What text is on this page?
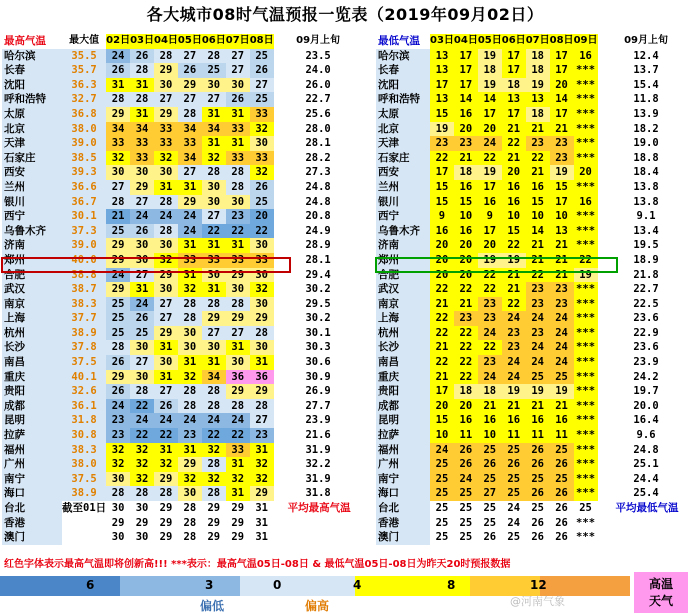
各大城市08时气温预报一览表（2019年09月02日）
最高气温	最大值	02日	03日	04日	05日	06日	07日	08日		09月上旬
哈尔滨	35.5	24	26	28	27	28	27	25		23.5
长春	35.7	26	28	29	26	25	27	26		24.0
沈阳	36.3	31	31	30	29	30	30	27		26.0
呼和浩特	32.7	28	28	27	27	27	26	25		22.7
太原	36.8	29	31	29	28	31	31	33		25.6
北京	38.0	34	34	33	34	34	33	32		28.0
天津	39.0	33	33	33	33	31	31	30		28.1
石家庄	38.5	32	33	32	34	32	33	33		28.2
西安	39.3	30	30	30	27	28	28	32		27.3
兰州	36.6	27	29	31	31	30	28	26		24.8
银川	36.7	28	27	28	29	30	30	25		24.8
西宁	30.1	21	24	24	24	27	23	20		20.8
乌鲁木齐	37.3	25	26	28	24	22	22	22		24.9
济南	39.0	29	30	30	31	31	31	30		28.9
郑州	40.0	29	30	32	33	33	33	33		28.1
合肥	38.8	24	27	29	31	30	29	30		29.4
武汉	38.7	29	31	30	32	31	30	32		30.2
南京	38.3	25	24	27	28	28	28	30		29.5
上海	37.7	25	26	27	28	29	29	29		30.2
杭州	38.9	25	25	29	30	27	27	28		30.1
长沙	37.8	28	30	31	30	30	31	30		30.3
南昌	37.5	26	27	30	31	31	30	31		30.6
重庆	40.1	29	30	31	32	34	36	36		30.9
贵阳	32.6	26	28	27	28	28	29	29		26.9
成都	36.1	24	22	26	28	28	28	28		27.7
昆明	31.8	23	24	24	24	24	24	27		23.9
拉萨	30.8	23	22	22	23	22	22	23		21.6
福州	38.3	32	32	31	31	32	33	31		31.9
广州	38.0	32	32	32	29	28	31	32		32.2
南宁	37.5	30	32	29	32	32	32	32		31.9
海口	38.9	28	28	28	30	28	31	29		31.8
台北	截至01日	30	30	29	28	29	29	31		平均最高气温
香港		29	29	29	28	29	29	31		
澳门		30	30	29	28	29	29	31		
最低气温	03日	04日	05日	06日	07日	08日	09日		09月上旬
哈尔滨	13	17	19	17	18	17	16		12.4
长春	13	17	18	17	18	17	***		13.7
沈阳	17	17	19	18	19	20	***		15.4
呼和浩特	13	14	14	13	13	14	***		11.8
太原	15	16	17	17	18	17	***		13.9
北京	19	20	20	21	21	21	***		18.2
天津	23	23	24	22	23	23	***		19.0
石家庄	22	21	22	21	22	23	***		18.8
西安	17	18	19	20	21	19	20		18.4
兰州	15	16	17	16	16	15	***		13.8
银川	15	15	16	16	15	17	16		13.8
西宁	9	10	9	10	10	10	***		9.1
乌鲁木齐	16	16	17	15	14	13	***		13.4
济南	20	20	20	22	21	21	***		19.5
郑州	20	20	19	19	21	21	22		18.9
合肥	20	20	22	21	22	21	19		21.8
武汉	22	22	22	21	23	23	***		22.7
南京	21	21	23	22	23	23	***		22.5
上海	22	23	23	24	24	24	***		23.6
杭州	22	22	24	23	23	24	***		22.9
长沙	21	22	22	23	24	24	***		23.6
南昌	22	22	23	24	24	24	***		23.9
重庆	21	22	24	24	25	25	***		24.2
贵阳	17	18	18	19	19	19	***		19.7
成都	20	20	21	21	21	21	***		20.0
昆明	15	16	16	16	16	16	***		16.4
拉萨	10	11	10	11	11	11	***		9.6
福州	24	26	25	25	26	25	***		24.8
广州	25	26	26	26	26	26	***		25.1
南宁	25	24	25	25	25	25	***		24.4
海口	25	25	27	25	26	26	***		25.4
台北	25	25	25	24	25	26	25		平均最低气温
香港	25	25	25	24	26	26	***		
澳门	25	25	26	25	26	26	***		
红色字体表示最高气温即将创新高!!! ***表示：最高气温05日-08日 & 最低气温05日-08日为昨天20时预报数据
6	3	0	4	8	12
偏低	偏高
高温
天气
@河南气象
